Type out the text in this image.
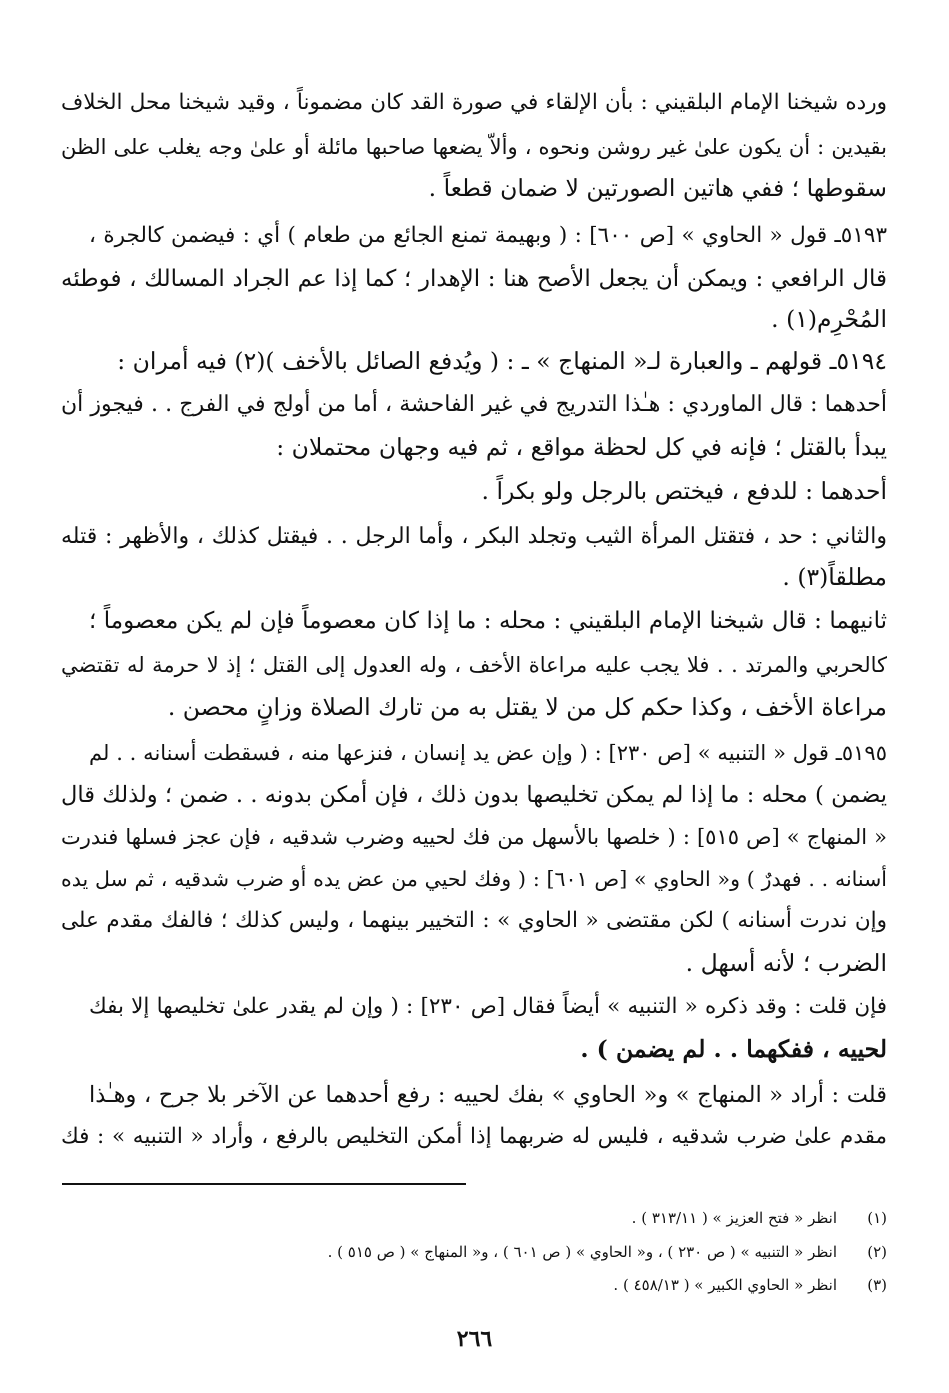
ورده شيخنا الإمام البلقيني : بأن الإلقاء في صورة القد كان مضموناً ، وقيد شيخنا محل الخلاف
بقيدين : أن يكون علىٰ غير روشن ونحوه ، وألاّ يضعها صاحبها مائلة أو علىٰ وجه يغلب على الظن
سقوطها ؛ ففي هاتين الصورتين لا ضمان قطعاً .
٥١٩٣ـ قول « الحاوي » [ص ٦٠٠] : ( وبهيمة تمنع الجائع من طعام ) أي : فيضمن كالجرة ،
قال الرافعي : ويمكن أن يجعل الأصح هنا : الإهدار ؛ كما إذا عم الجراد المسالك ، فوطئه
المُحْرِم(١) .
٥١٩٤ـ قولهم ـ والعبارة لـ« المنهاج » ـ : ( ويُدفع الصائل بالأخف )(٢) فيه أمران :
أحدهما : قال الماوردي : هـٰذا التدريج في غير الفاحشة ، أما من أولج في الفرج . . فيجوز أن
يبدأ بالقتل ؛ فإنه في كل لحظة مواقع ، ثم فيه وجهان محتملان :
أحدهما : للدفع ، فيختص بالرجل ولو بكراً .
والثاني : حد ، فتقتل المرأة الثيب وتجلد البكر ، وأما الرجل . . فيقتل كذلك ، والأظهر : قتله
مطلقاً(٣) .
ثانيهما : قال شيخنا الإمام البلقيني : محله : ما إذا كان معصوماً فإن لم يكن معصوماً ؛
كالحربي والمرتد . . فلا يجب عليه مراعاة الأخف ، وله العدول إلى القتل ؛ إذ لا حرمة له تقتضي
مراعاة الأخف ، وكذا حكم كل من لا يقتل به من تارك الصلاة وزانٍ محصن .
٥١٩٥ـ قول « التنبيه » [ص ٢٣٠] : ( وإن عض يد إنسان ، فنزعها منه ، فسقطت أسنانه . . لم
يضمن ) محله : ما إذا لم يمكن تخليصها بدون ذلك ، فإن أمكن بدونه . . ضمن ؛ ولذلك قال
« المنهاج » [ص ٥١٥] : ( خلصها بالأسهل من فك لحييه وضرب شدقيه ، فإن عجز فسلها فندرت
أسنانه . . فهدرٌ ) و« الحاوي » [ص ٦٠١] : ( وفك لحيي من عض يده أو ضرب شدقيه ، ثم سل يده
وإن ندرت أسنانه ) لكن مقتضى « الحاوي » : التخيير بينهما ، وليس كذلك ؛ فالفك مقدم على
الضرب ؛ لأنه أسهل .
فإن قلت : وقد ذكره « التنبيه » أيضاً فقال [ص ٢٣٠] : ( وإن لم يقدر علىٰ تخليصها إلا بفك
لحييه ، ففكهما . . لم يضمن ) .
قلت : أراد « المنهاج » و« الحاوي » بفك لحييه : رفع أحدهما عن الآخر بلا جرح ، وهـٰذا
مقدم علىٰ ضرب شدقيه ، فليس له ضربهما إذا أمكن التخليص بالرفع ، وأراد « التنبيه » : فك
(١)انظر « فتح العزيز » ( ٣١٣/١١ ) .
(٢)انظر « التنبيه » ( ص ٢٣٠ ) ، و« الحاوي » ( ص ٦٠١ ) ، و« المنهاج » ( ص ٥١٥ ) .
(٣)انظر « الحاوي الكبير » ( ٤٥٨/١٣ ) .
٢٦٦
